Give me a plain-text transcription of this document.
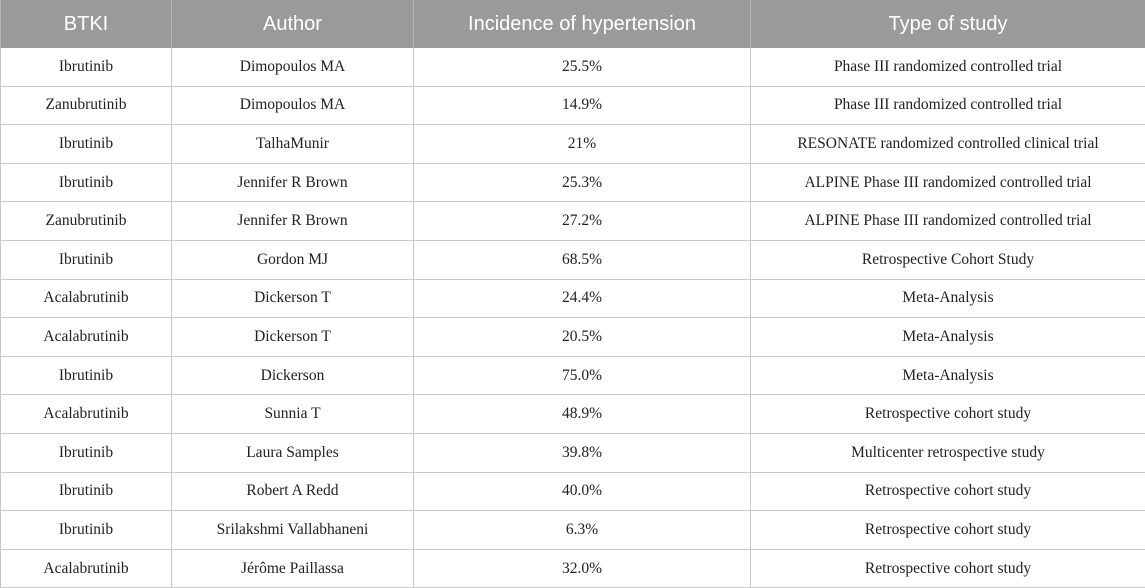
BTKI	Author	Incidence of hypertension	Type of study
Ibrutinib	Dimopoulos MA	25.5%	Phase III randomized controlled trial
Zanubrutinib	Dimopoulos MA	14.9%	Phase III randomized controlled trial
Ibrutinib	TalhaMunir	21%	RESONATE randomized controlled clinical trial
Ibrutinib	Jennifer R Brown	25.3%	ALPINE Phase III randomized controlled trial
Zanubrutinib	Jennifer R Brown	27.2%	ALPINE Phase III randomized controlled trial
Ibrutinib	Gordon MJ	68.5%	Retrospective Cohort Study
Acalabrutinib	Dickerson T	24.4%	Meta-Analysis
Acalabrutinib	Dickerson T	20.5%	Meta-Analysis
Ibrutinib	Dickerson	75.0%	Meta-Analysis
Acalabrutinib	Sunnia T	48.9%	Retrospective cohort study
Ibrutinib	Laura Samples	39.8%	Multicenter retrospective study
Ibrutinib	Robert A Redd	40.0%	Retrospective cohort study
Ibrutinib	Srilakshmi Vallabhaneni	6.3%	Retrospective cohort study
Acalabrutinib	Jérôme Paillassa	32.0%	Retrospective cohort study
